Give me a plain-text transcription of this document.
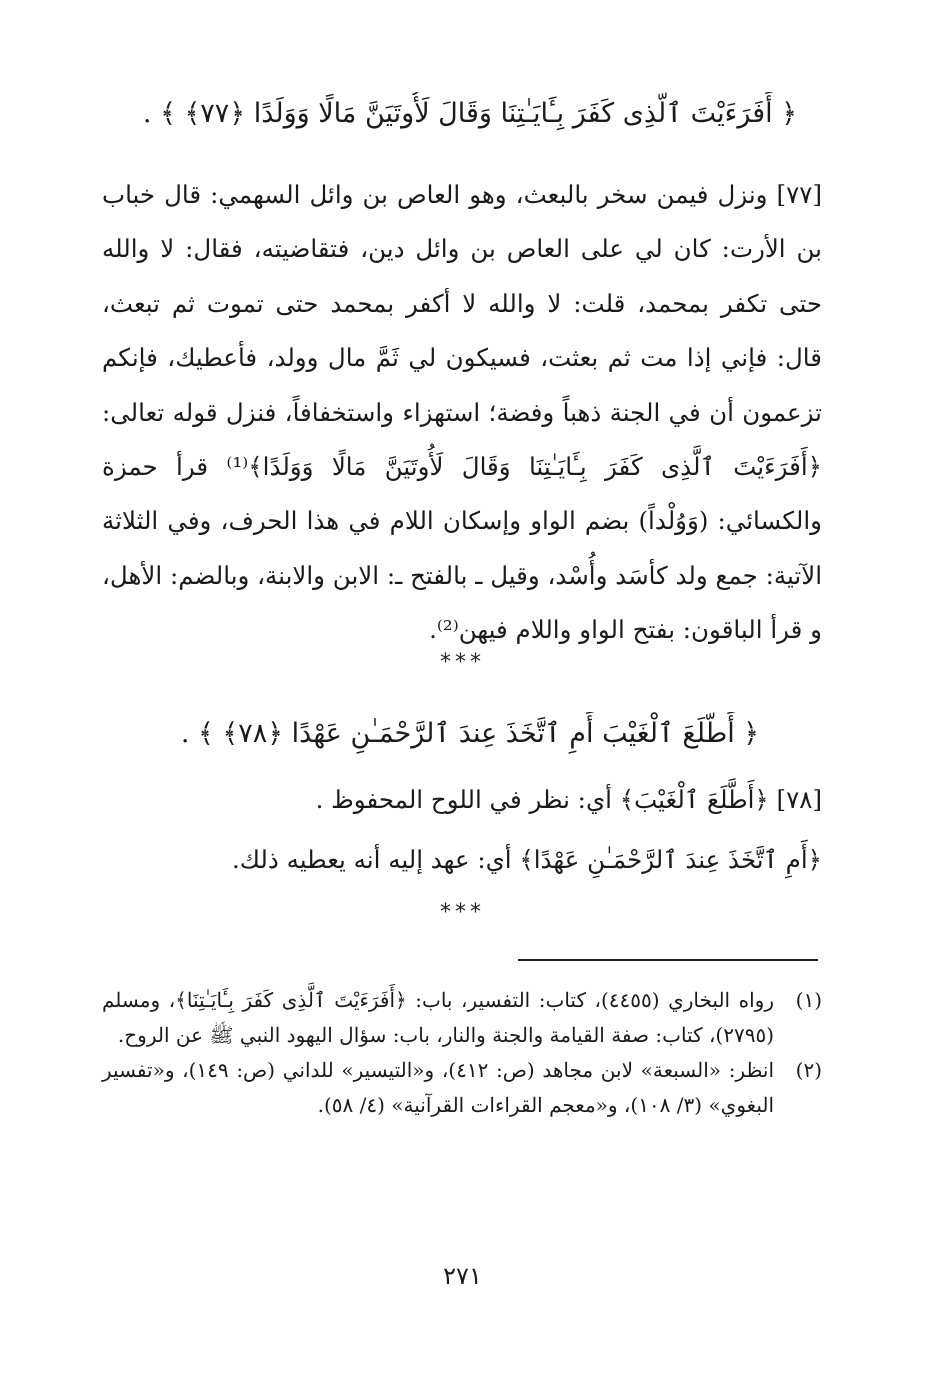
﴿ أَفَرَءَيْتَ ٱلَّذِى كَفَرَ بِـَٔايَـٰتِنَا وَقَالَ لَأُوتَيَنَّ مَالًا وَوَلَدًا ﴿٧٧﴾ ﴾ .
[٧٧] ونزل فيمن سخر بالبعث، وهو العاص بن وائل السهمي: قال خباب بن الأرت: كان لي على العاص بن وائل دين، فتقاضيته، فقال: لا والله حتى تكفر بمحمد، قلت: لا والله لا أكفر بمحمد حتى تموت ثم تبعث، قال: فإني إذا مت ثم بعثت، فسيكون لي ثَمَّ مال وولد، فأعطيك، فإنكم تزعمون أن في الجنة ذهباً وفضة؛ استهزاء واستخفافاً، فنزل قوله تعالى: ﴿أَفَرَءَيْتَ ٱلَّذِى كَفَرَ بِـَٔايَـٰتِنَا وَقَالَ لَأُوتَيَنَّ مَالًا وَوَلَدًا﴾⁽¹⁾ قرأ حمزة والكسائي: (وَوُلْداً) بضم الواو وإسكان اللام في هذا الحرف، وفي الثلاثة الآتية: جمع ولد كأسَد وأُسْد، وقيل ـ بالفتح ـ: الابن والابنة، وبالضم: الأهل، و قرأ الباقون: بفتح الواو واللام فيهن⁽²⁾.
***
﴿ أَطَّلَعَ ٱلْغَيْبَ أَمِ ٱتَّخَذَ عِندَ ٱلرَّحْمَـٰنِ عَهْدًا ﴿٧٨﴾ ﴾ .
[٧٨] ﴿أَطَّلَعَ ٱلْغَيْبَ﴾ أي: نظر في اللوح المحفوظ .
﴿أَمِ ٱتَّخَذَ عِندَ ٱلرَّحْمَـٰنِ عَهْدًا﴾ أي: عهد إليه أنه يعطيه ذلك.
***
(١)
رواه البخاري (٤٤٥٥)، كتاب: التفسير، باب: ﴿أَفَرَءَيْتَ ٱلَّذِى كَفَرَ بِـَٔايَـٰتِنَا﴾، ومسلم (٢٧٩٥)، كتاب: صفة القيامة والجنة والنار، باب: سؤال اليهود النبي ﷺ عن الروح.
(٢)
انظر: «السبعة» لابن مجاهد (ص: ٤١٢)، و«التيسير» للداني (ص: ١٤٩)، و«تفسير البغوي» (٣/ ١٠٨)، و«معجم القراءات القرآنية» (٤/ ٥٨).
٢٧١
